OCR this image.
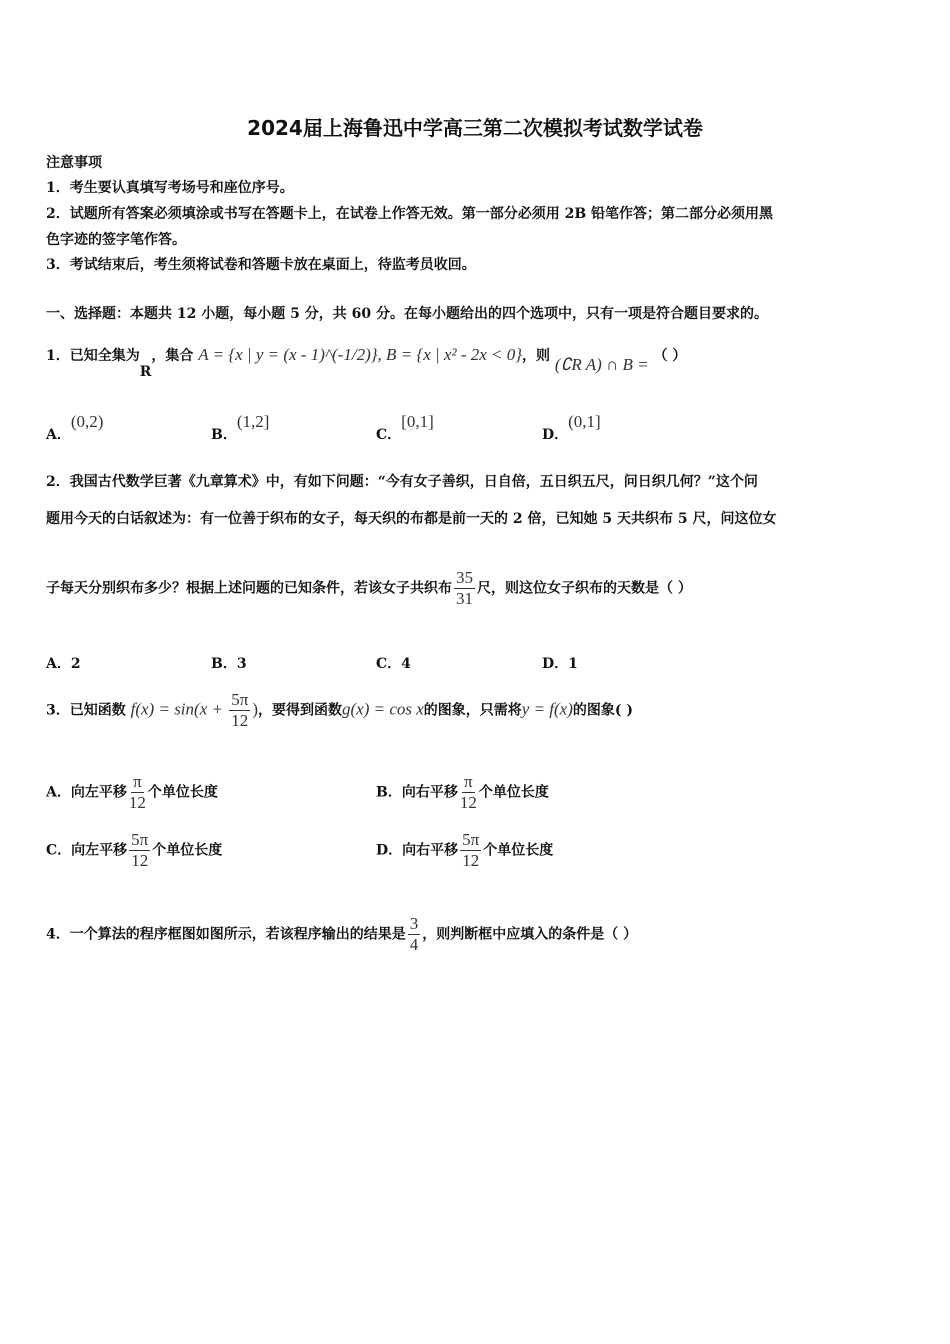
2024届上海鲁迅中学高三第二次模拟考试数学试卷
注意事项
1．考生要认真填写考场号和座位序号。
2．试题所有答案必须填涂或书写在答题卡上，在试卷上作答无效。第一部分必须用 2B 铅笔作答；第二部分必须用黑
色字迹的签字笔作答。
3．考试结束后，考生须将试卷和答题卡放在桌面上，待监考员收回。
一、选择题：本题共 12 小题，每小题 5 分，共 60 分。在每小题给出的四个选项中，只有一项是符合题目要求的。
1．已知全集为R，集合 A = {x | y = (x - 1)^(-1/2)}, B = {x | x² - 2x < 0}，则 (∁R A) ∩ B = （ ）
A．(0,2)
B．(1,2]
C．[0,1]
D．(0,1]
2．我国古代数学巨著《九章算术》中，有如下问题：“今有女子善织，日自倍，五日织五尺，问日织几何？”这个问
题用今天的白话叙述为：有一位善于织布的女子，每天织的布都是前一天的 2 倍，已知她 5 天共织布 5 尺，问这位女
子每天分别织布多少？根据上述问题的已知条件，若该女子共织布 $\frac{35}{31}$ 尺，则这位女子织布的天数是（ ）
A．2	B．3	C．4	D．1
3．已知函数 $f(x) = \sin(x + \frac{5\pi}{12}$ )，要得到函数g(x) = cos x的图象，只需将y = f(x)的图象( )
A．向左平移 $\frac{\pi}{12}$ 个单位长度	B．向右平移 $\frac{\pi}{12}$ 个单位长度
C．向左平移 $\frac{5\pi}{12}$ 个单位长度	D．向右平移 $\frac{5\pi}{12}$ 个单位长度
4．一个算法的程序框图如图所示，若该程序输出的结果是 $\frac{3}{4}$ ，则判断框中应填入的条件是（ ）
